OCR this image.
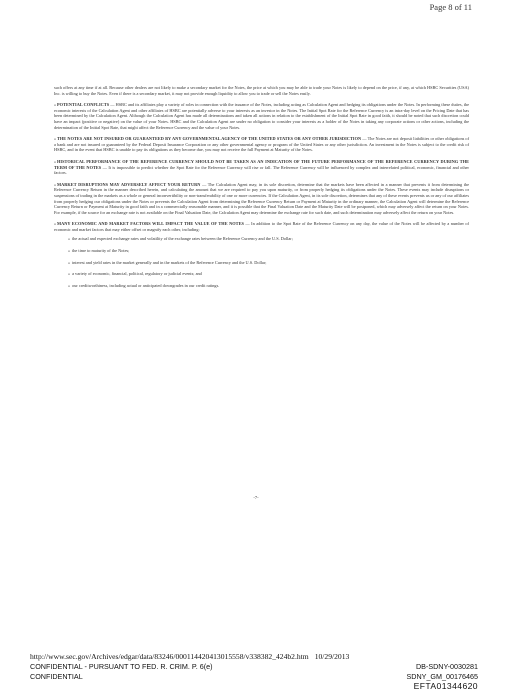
Page 8 of 11

such offers at any time if at all. Because other dealers are not likely to make a secondary market for the Notes, the price at which you may be able to trade your Notes is likely to depend on the price, if any, at which HSBC Securities (USA) Inc. is willing to buy the Notes. Even if there is a secondary market, it may not provide enough liquidity to allow you to trade or sell the Notes easily.

«POTENTIAL CONFLICTS — HSBC and its affiliates play a variety of roles in connection with the issuance of the Notes, including acting as Calculation Agent and hedging its obligations under the Notes. In performing these duties, the economic interests of the Calculation Agent and other affiliates of HSBC are potentially adverse to your interests as an investor in the Notes. The Initial Spot Rate for the Reference Currency is an intra-day level on the Pricing Date that has been determined by the Calculation Agent. Although the Calculation Agent has made all determinations and taken all actions in relation to the establishment of the Initial Spot Rate in good faith, it should be noted that such discretion could have an impact (positive or negative) on the value of your Notes. HSBC and the Calculation Agent are under no obligation to consider your interests as a holder of the Notes in taking any corporate actions or other actions, including the determination of the Initial Spot Rate, that might affect the Reference Currency and the value of your Notes.

«THE NOTES ARE NOT INSURED OR GUARANTEED BY ANY GOVERNMENTAL AGENCY OF THE UNITED STATES OR ANY OTHER JURISDICTION — The Notes are not deposit liabilities or other obligations of a bank and are not insured or guaranteed by the Federal Deposit Insurance Corporation or any other governmental agency or program of the United States or any other jurisdiction. An investment in the Notes is subject to the credit risk of HSBC, and in the event that HSBC is unable to pay its obligations as they become due, you may not receive the full Payment at Maturity of the Notes.

«HISTORICAL PERFORMANCE OF THE REFERENCE CURRENCY SHOULD NOT BE TAKEN AS AN INDICATION OF THE FUTURE PERFORMANCE OF THE REFERENCE CURRENCY DURING THE TERM OF THE NOTES — It is impossible to predict whether the Spot Rate for the Reference Currency will rise or fall. The Reference Currency will be influenced by complex and interrelated political, economic, financial and other factors.

«MARKET DISRUPTIONS MAY ADVERSELY AFFECT YOUR RETURN — The Calculation Agent may, in its sole discretion, determine that the markets have been affected in a manner that prevents it from determining the Reference Currency Return in the manner described herein, and calculating the amount that we are required to pay you upon maturity, or from properly hedging its obligations under the Notes. These events may include disruptions or suspensions of trading in the markets as a whole or general inconvertibility or non-transferability of one or more currencies. If the Calculation Agent, in its sole discretion, determines that any of these events prevents us or any of our affiliates from properly hedging our obligations under the Notes or prevents the Calculation Agent from determining the Reference Currency Return or Payment at Maturity in the ordinary manner, the Calculation Agent will determine the Reference Currency Return or Payment at Maturity in good faith and in a commercially reasonable manner, and it is possible that the Final Valuation Date and the Maturity Date will be postponed, which may adversely affect the return on your Notes. For example, if the source for an exchange rate is not available on the Final Valuation Date, the Calculation Agent may determine the exchange rate for such date, and such determination may adversely affect the return on your Notes.

«MANY ECONOMIC AND MARKET FACTORS WILL IMPACT THE VALUE OF THE NOTES — In addition to the Spot Rate of the Reference Currency on any day, the value of the Notes will be affected by a number of economic and market factors that may either offset or magnify each other, including:
» the actual and expected exchange rates and volatility of the exchange rates between the Reference Currency and the U.S. Dollar;
» the time to maturity of the Notes;
» interest and yield rates in the market generally and in the markets of the Reference Currency and the U.S. Dollar;
» a variety of economic, financial, political, regulatory or judicial events; and
» our creditworthiness, including actual or anticipated downgrades in our credit ratings.
-7-
http://www.sec.gov/Archives/edgar/data/83246/000114420413015558/v338382_424b2.htm 10/29/2013
CONFIDENTIAL - PURSUANT TO FED. R. CRIM. P. 6(e)	DB-SDNY-0030281
CONFIDENTIAL	SDNY_GM_00176465
EFTA01344620
